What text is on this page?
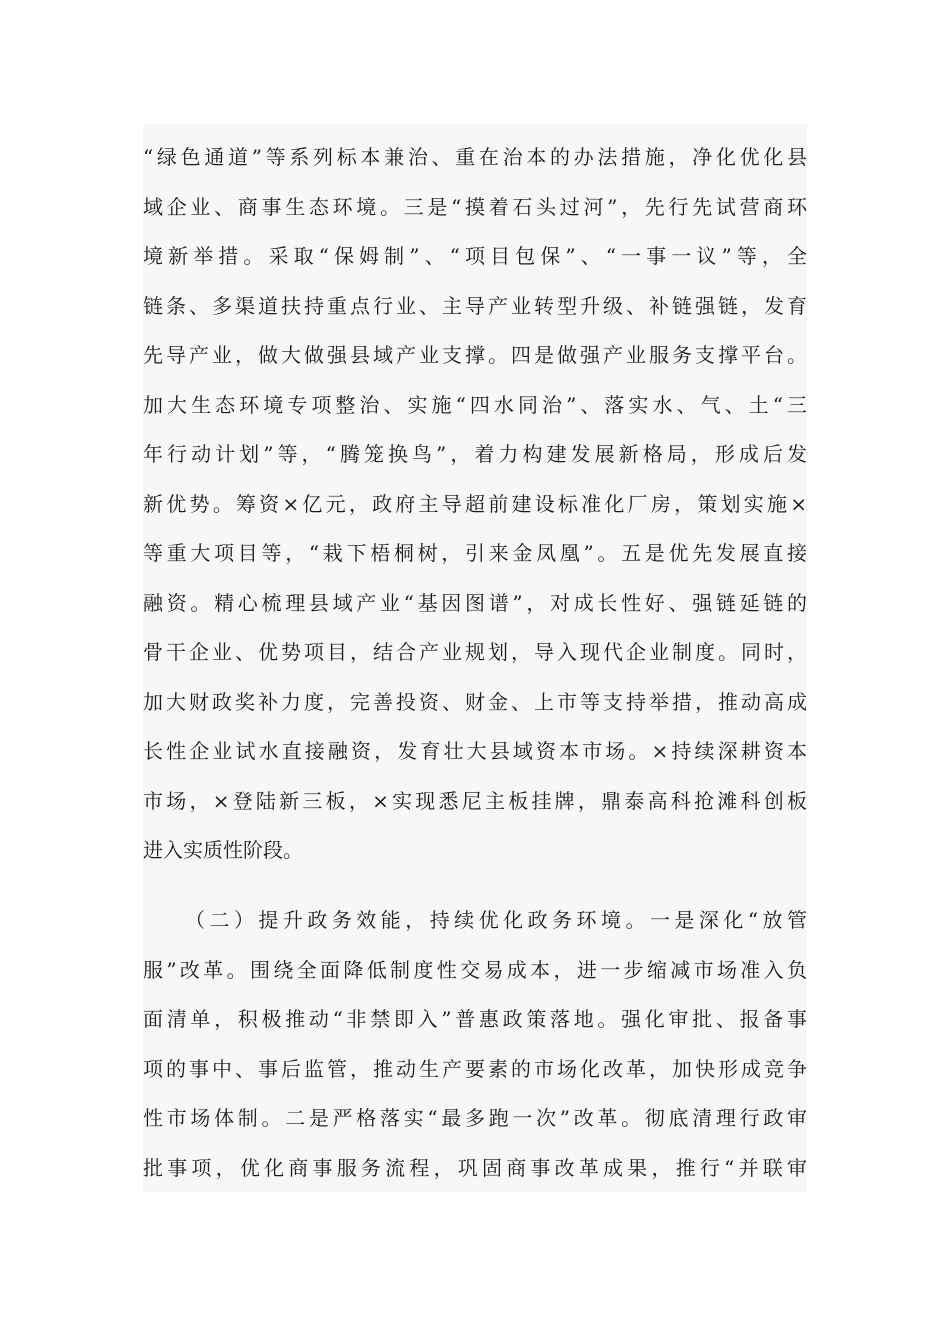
“绿色通道”等系列标本兼治、重在治本的办法措施，净化优化县
域企业、商事生态环境。三是“摸着石头过河”，先行先试营商环
境新举措。采取“保姆制”、“项目包保”、“一事一议”等，全
链条、多渠道扶持重点行业、主导产业转型升级、补链强链，发育
先导产业，做大做强县域产业支撑。四是做强产业服务支撑平台。
加大生态环境专项整治、实施“四水同治”、落实水、气、土“三
年行动计划”等，“腾笼换鸟”，着力构建发展新格局，形成后发
新优势。筹资×亿元，政府主导超前建设标准化厂房，策划实施×
等重大项目等，“栽下梧桐树，引来金凤凰”。五是优先发展直接
融资。精心梳理县域产业“基因图谱”，对成长性好、强链延链的
骨干企业、优势项目，结合产业规划，导入现代企业制度。同时，
加大财政奖补力度，完善投资、财金、上市等支持举措，推动高成
长性企业试水直接融资，发育壮大县域资本市场。×持续深耕资本
市场，×登陆新三板，×实现悉尼主板挂牌，鼎泰高科抢滩科创板
进入实质性阶段。
（二）提升政务效能，持续优化政务环境。一是深化“放管
服”改革。围绕全面降低制度性交易成本，进一步缩减市场准入负
面清单，积极推动“非禁即入”普惠政策落地。强化审批、报备事
项的事中、事后监管，推动生产要素的市场化改革，加快形成竞争
性市场体制。二是严格落实“最多跑一次”改革。彻底清理行政审
批事项，优化商事服务流程，巩固商事改革成果，推行“并联审
